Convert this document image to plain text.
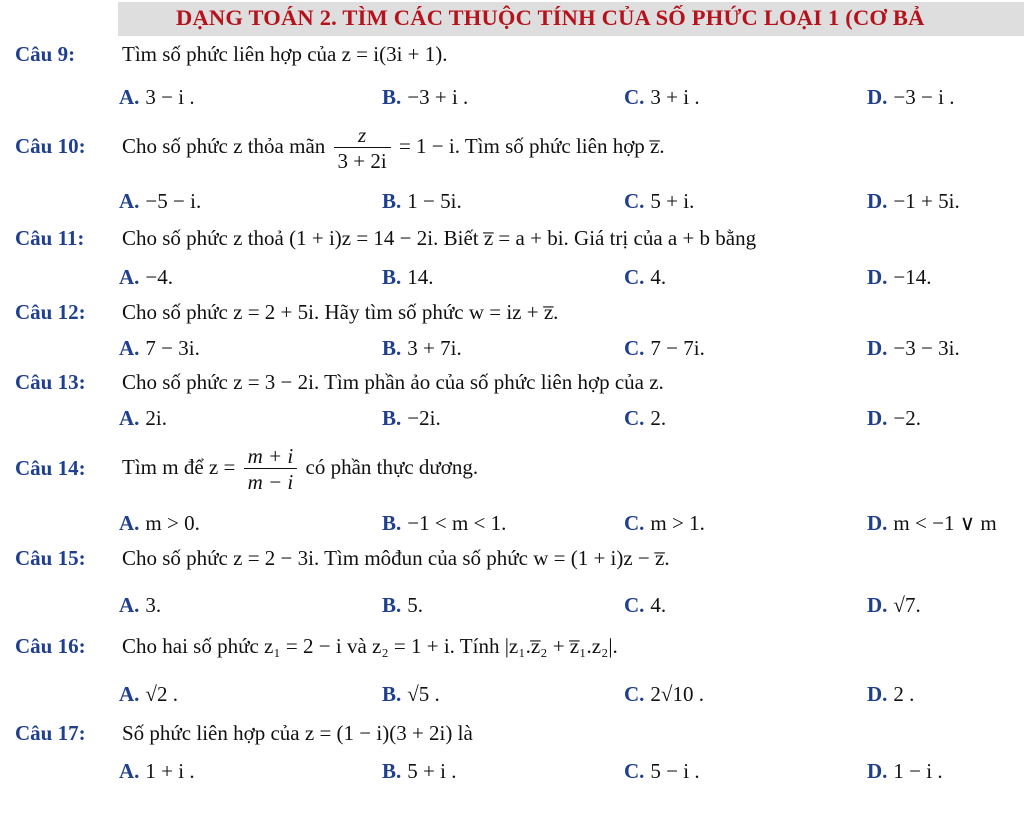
DẠNG TOÁN 2. TÌM CÁC THUỘC TÍNH CỦA SỐ PHỨC LOẠI 1 (CƠ BẢ
Câu 9: Tìm số phức liên hợp của z = i(3i + 1).
A. 3 − i .	B. −3 + i .	C. 3 + i .	D. −3 − i .
Câu 10: Cho số phức z thỏa mãn $\frac{z}{3 + 2i} = 1 - i$. Tìm số phức liên hợp z̅.
A. −5 − i.	B. 1 − 5i.	C. 5 + i.	D. −1 + 5i.
Câu 11: Cho số phức z thoả (1 + i)z = 14 − 2i. Biết z̅ = a + bi. Giá trị của a + b bằng
A. −4.	B. 14.	C. 4.	D. −14.
Câu 12: Cho số phức z = 2 + 5i. Hãy tìm số phức w = iz + z̅.
A. 7 − 3i.	B. 3 + 7i.	C. 7 − 7i.	D. −3 − 3i.
Câu 13: Cho số phức z = 3 − 2i. Tìm phần ảo của số phức liên hợp của z.
A. 2i.	B. −2i.	C. 2.	D. −2.
Câu 14: Tìm m để $z = \frac{m + i}{m - i}$ có phần thực dương.
A. m > 0.	B. −1 < m < 1.	C. m > 1.	D. m < −1 ∨ m
Câu 15: Cho số phức z = 2 − 3i. Tìm môđun của số phức w = (1 + i)z − z̅.
A. 3.	B. 5.	C. 4.	D. √7.
Câu 16: Cho hai số phức z₁ = 2 − i và z₂ = 1 + i. Tính |z₁.z̅₂ + z̅₁.z₂|.
A. √2 .	B. √5 .	C. 2√10 .	D. 2 .
Câu 17: Số phức liên hợp của z = (1 − i)(3 + 2i) là
A. 1 + i .	B. 5 + i .	C. 5 − i .	D. 1 − i .
